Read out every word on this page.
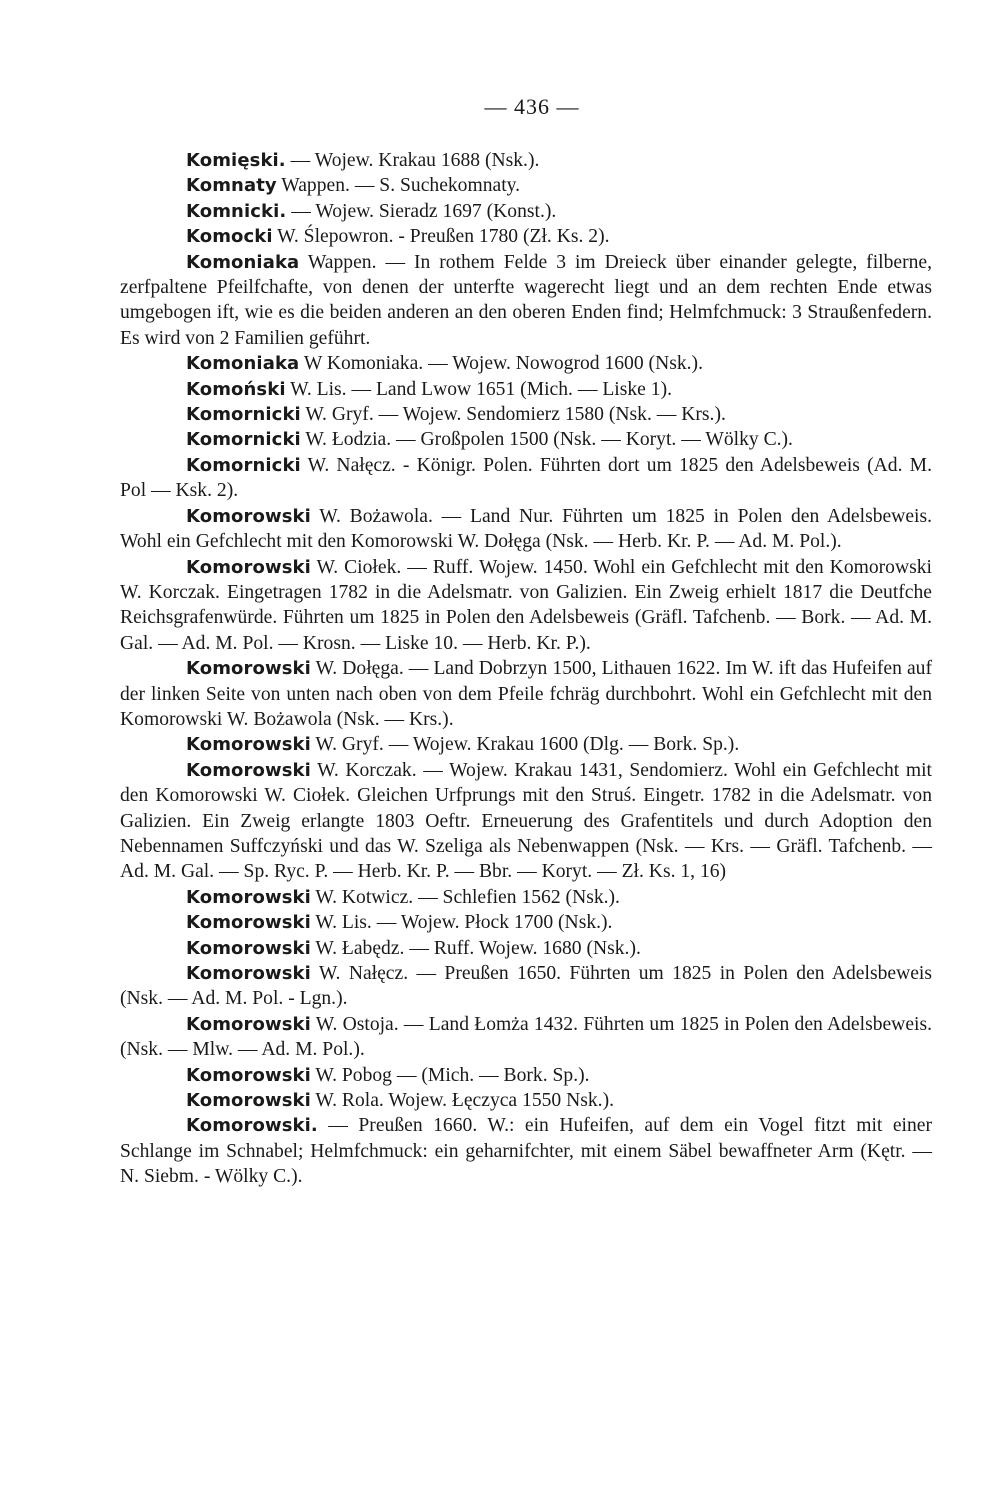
— 436 —

Komięski. — Wojew. Krakau 1688 (Nsk.).

Komnaty Wappen. — S. Suchekomnaty.

Komnicki. — Wojew. Sieradz 1697 (Konst.).

Komocki W. Ślepowron. - Preußen 1780 (Zł. Ks. 2).

Komoniaka Wappen. — In rothem Felde 3 im Dreieck über einander gelegte, filberne, zerfpaltene Pfeilfchafte, von denen der unterfte wagerecht liegt und an dem rechten Ende etwas umgebogen ift, wie es die beiden anderen an den oberen Enden find; Helmfchmuck: 3 Straußenfedern. Es wird von 2 Familien geführt.

Komoniaka W Komoniaka. — Wojew. Nowogrod 1600 (Nsk.).

Komoński W. Lis. — Land Lwow 1651 (Mich. — Liske 1).

Komornicki W. Gryf. — Wojew. Sendomierz 1580 (Nsk. — Krs.).

Komornicki W. Łodzia. — Großpolen 1500 (Nsk. — Koryt. — Wölky C.).

Komornicki W. Nałęcz. - Königr. Polen. Führten dort um 1825 den Adelsbeweis (Ad. M. Pol — Ksk. 2).

Komorowski W. Bożawola. — Land Nur. Führten um 1825 in Polen den Adelsbeweis. Wohl ein Gefchlecht mit den Komorowski W. Dołęga (Nsk. — Herb. Kr. P. — Ad. M. Pol.).

Komorowski W. Ciołek. — Ruff. Wojew. 1450. Wohl ein Gefchlecht mit den Komorowski W. Korczak. Eingetragen 1782 in die Adelsmatr. von Galizien. Ein Zweig erhielt 1817 die Deutfche Reichsgrafenwürde. Führten um 1825 in Polen den Adelsbeweis (Gräfl. Tafchenb. — Bork. — Ad. M. Gal. — Ad. M. Pol. — Krosn. — Liske 10. — Herb. Kr. P.).

Komorowski W. Dołęga. — Land Dobrzyn 1500, Lithauen 1622. Im W. ift das Hufeifen auf der linken Seite von unten nach oben von dem Pfeile fchräg durchbohrt. Wohl ein Gefchlecht mit den Komorowski W. Bożawola (Nsk. — Krs.).

Komorowski W. Gryf. — Wojew. Krakau 1600 (Dlg. — Bork. Sp.).

Komorowski W. Korczak. — Wojew. Krakau 1431, Sendomierz. Wohl ein Gefchlecht mit den Komorowski W. Ciołek. Gleichen Urfprungs mit den Struś. Eingetr. 1782 in die Adelsmatr. von Galizien. Ein Zweig erlangte 1803 Oeftr. Erneuerung des Grafentitels und durch Adoption den Nebennamen Suffczyński und das W. Szeliga als Nebenwappen (Nsk. — Krs. — Gräfl. Tafchenb. — Ad. M. Gal. — Sp. Ryc. P. — Herb. Kr. P. — Bbr. — Koryt. — Zł. Ks. 1, 16)

Komorowski W. Kotwicz. — Schlefien 1562 (Nsk.).

Komorowski W. Lis. — Wojew. Płock 1700 (Nsk.).

Komorowski W. Łabędz. — Ruff. Wojew. 1680 (Nsk.).

Komorowski W. Nałęcz. — Preußen 1650. Führten um 1825 in Polen den Adelsbeweis (Nsk. — Ad. M. Pol. - Lgn.).

Komorowski W. Ostoja. — Land Łomża 1432. Führten um 1825 in Polen den Adelsbeweis. (Nsk. — Mlw. — Ad. M. Pol.).

Komorowski W. Pobog — (Mich. — Bork. Sp.).

Komorowski W. Rola. Wojew. Łęczyca 1550 Nsk.).

Komorowski. — Preußen 1660. W.: ein Hufeifen, auf dem ein Vogel fitzt mit einer Schlange im Schnabel; Helmfchmuck: ein geharnifchter, mit einem Säbel bewaffneter Arm (Kętr. — N. Siebm. - Wölky C.).
